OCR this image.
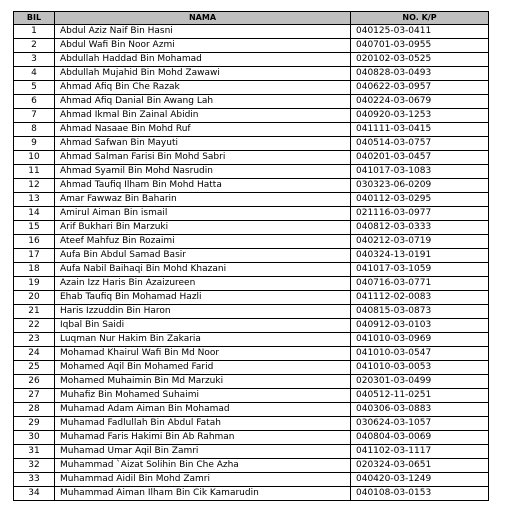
BIL	NAMA	NO. K/P
1	Abdul Aziz Naif Bin Hasni	040125-03-0411
2	Abdul Wafi Bin Noor Azmi	040701-03-0955
3	Abdullah Haddad Bin Mohamad	020102-03-0525
4	Abdullah Mujahid Bin Mohd Zawawi	040828-03-0493
5	Ahmad Afiq Bin Che Razak	040622-03-0957
6	Ahmad Afiq Danial Bin Awang Lah	040224-03-0679
7	Ahmad Ikmal Bin Zainal Abidin	040920-03-1253
8	Ahmad Nasaae Bin Mohd Ruf	041111-03-0415
9	Ahmad Safwan Bin Mayuti	040514-03-0757
10	Ahmad Salman Farisi Bin Mohd Sabri	040201-03-0457
11	Ahmad Syamil Bin Mohd Nasrudin	041017-03-1083
12	Ahmad Taufiq Ilham Bin Mohd Hatta	030323-06-0209
13	Amar Fawwaz Bin Baharin	040112-03-0295
14	Amirul Aiman Bin ismail	021116-03-0977
15	Arif Bukhari Bin Marzuki	040812-03-0333
16	Ateef Mahfuz Bin Rozaimi	040212-03-0719
17	Aufa Bin Abdul Samad Basir	040324-13-0191
18	Aufa Nabil Baihaqi Bin Mohd Khazani	041017-03-1059
19	Azain Izz Haris Bin Azaizureen	040716-03-0771
20	Ehab Taufiq Bin Mohamad Hazli	041112-02-0083
21	Haris Izzuddin Bin Haron	040815-03-0873
22	Iqbal Bin Saidi	040912-03-0103
23	Luqman Nur Hakim Bin Zakaria	041010-03-0969
24	Mohamad Khairul Wafi Bin Md Noor	041010-03-0547
25	Mohamed Aqil Bin Mohamed Farid	041010-03-0053
26	Mohamed Muhaimin Bin Md Marzuki	020301-03-0499
27	Muhafiz Bin Mohamed Suhaimi	040512-11-0251
28	Muhamad Adam Aiman Bin Mohamad	040306-03-0883
29	Muhamad Fadlullah Bin Abdul Fatah	030624-03-1057
30	Muhamad Faris Hakimi Bin Ab Rahman	040804-03-0069
31	Muhamad Umar Aqil Bin Zamri	041102-03-1117
32	Muhammad `Aizat Solihin Bin Che Azha	020324-03-0651
33	Muhammad Aidil Bin Mohd Zamri	040420-03-1249
34	Muhammad Aiman Ilham Bin Cik Kamarudin	040108-03-0153
